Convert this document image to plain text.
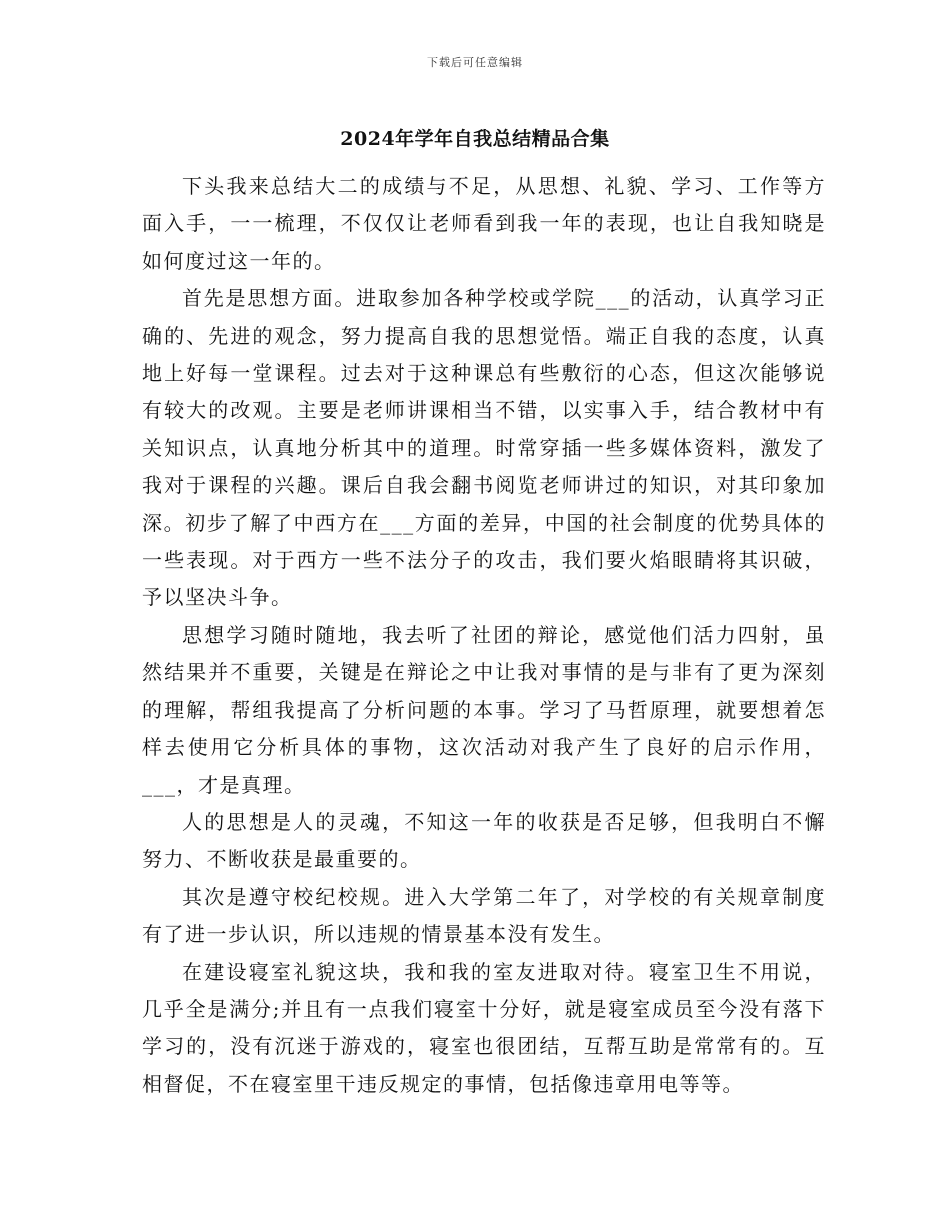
下载后可任意编辑
2024年学年自我总结精品合集

下头我来总结大二的成绩与不足，从思想、礼貌、学习、工作等方面入手，一一梳理，不仅仅让老师看到我一年的表现，也让自我知晓是如何度过这一年的。

首先是思想方面。进取参加各种学校或学院___的活动，认真学习正确的、先进的观念，努力提高自我的思想觉悟。端正自我的态度，认真地上好每一堂课程。过去对于这种课总有些敷衍的心态，但这次能够说有较大的改观。主要是老师讲课相当不错，以实事入手，结合教材中有关知识点，认真地分析其中的道理。时常穿插一些多媒体资料，激发了我对于课程的兴趣。课后自我会翻书阅览老师讲过的知识，对其印象加深。初步了解了中西方在___方面的差异，中国的社会制度的优势具体的一些表现。对于西方一些不法分子的攻击，我们要火焰眼睛将其识破，予以坚决斗争。

思想学习随时随地，我去听了社团的辩论，感觉他们活力四射，虽然结果并不重要，关键是在辩论之中让我对事情的是与非有了更为深刻的理解，帮组我提高了分析问题的本事。学习了马哲原理，就要想着怎样去使用它分析具体的事物，这次活动对我产生了良好的启示作用，___，才是真理。

人的思想是人的灵魂，不知这一年的收获是否足够，但我明白不懈努力、不断收获是最重要的。

其次是遵守校纪校规。进入大学第二年了，对学校的有关规章制度有了进一步认识，所以违规的情景基本没有发生。

在建设寝室礼貌这块，我和我的室友进取对待。寝室卫生不用说，几乎全是满分;并且有一点我们寝室十分好，就是寝室成员至今没有落下学习的，没有沉迷于游戏的，寝室也很团结，互帮互助是常常有的。互相督促，不在寝室里干违反规定的事情，包括像违章用电等等。
